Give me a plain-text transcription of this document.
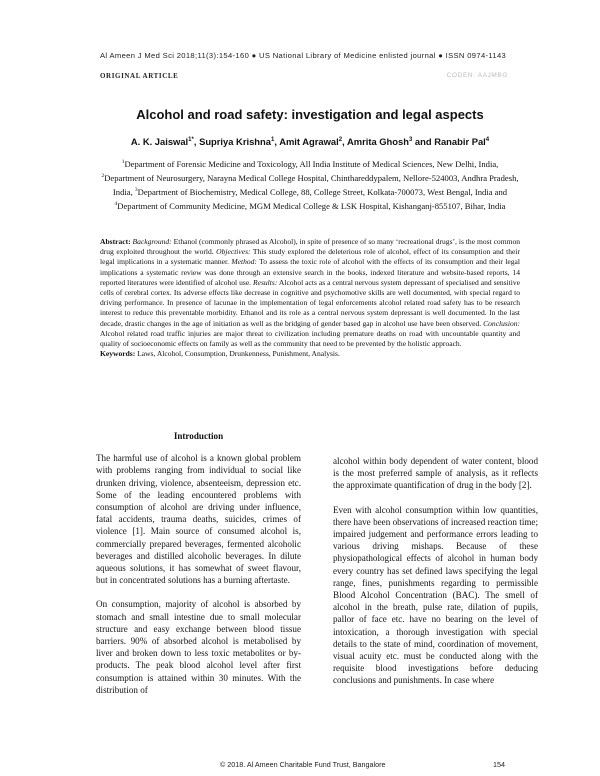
Al Ameen J Med Sci 2018;11(3):154-160 ● US National Library of Medicine enlisted journal ● ISSN 0974-1143
ORIGINAL ARTICLE	CODEN: AAJMBG
Alcohol and road safety: investigation and legal aspects
A. K. Jaiswal$^{1*}$, Supriya Krishna$^1$, Amit Agrawal$^2$, Amrita Ghosh$^3$ and Ranabir Pal$^4$
$^1$Department of Forensic Medicine and Toxicology, All India Institute of Medical Sciences, New Delhi, India, $^2$Department of Neurosurgery, Narayna Medical College Hospital, Chinthareddypalem, Nellore-524003, Andhra Pradesh, India, $^3$Department of Biochemistry, Medical College, 88, College Street, Kolkata-700073, West Bengal, India and $^4$Department of Community Medicine, MGM Medical College & LSK Hospital, Kishanganj-855107, Bihar, India
Abstract: Background: Ethanol (commonly phrased as Alcohol), in spite of presence of so many ‘recreational drugs’, is the most common drug exploited throughout the world. Objectives: This study explored the deleterious role of alcohol, effect of its consumption and their legal implications in a systematic manner. Method: To assess the toxic role of alcohol with the effects of its consumption and their legal implications a systematic review was done through an extensive search in the books, indexed literature and website-based reports, 14 reported literatures were identified of alcohol use. Results: Alcohol acts as a central nervous system depressant of specialised and sensitive cells of cerebral cortex. Its adverse effects like decrease in cognitive and psychomotive skills are well documented, with special regard to driving performance. In presence of lacunae in the implementation of legal enforcements alcohol related road safety has to be research interest to reduce this preventable morbidity. Ethanol and its role as a central nervous system depressant is well documented. In the last decade, drastic changes in the age of initiation as well as the bridging of gender based gap in alcohol use have been observed. Conclusion: Alcohol related road traffic injuries are major threat to civilization including premature deaths on road with uncountable quantity and quality of socioeconomic effects on family as well as the community that need to be prevented by the holistic approach.
Keywords: Laws, Alcohol, Consumption, Drunkenness, Punishment, Analysis.
Introduction

The harmful use of alcohol is a known global problem with problems ranging from individual to social like drunken driving, violence, absenteeism, depression etc. Some of the leading encountered problems with consumption of alcohol are driving under influence, fatal accidents, trauma deaths, suicides, crimes of violence [1]. Main source of consumed alcohol is, commercially prepared beverages, fermented alcoholic beverages and distilled alcoholic beverages. In dilute aqueous solutions, it has somewhat of sweet flavour, but in concentrated solutions has a burning aftertaste.

On consumption, majority of alcohol is absorbed by stomach and small intestine due to small molecular structure and easy exchange between blood tissue barriers. 90% of absorbed alcohol is metabolised by liver and broken down to less toxic metabolites or by-products. The peak blood alcohol level after first consumption is attained within 30 minutes. With the distribution of

alcohol within body dependent of water content, blood is the most preferred sample of analysis, as it reflects the approximate quantification of drug in the body [2].

Even with alcohol consumption within low quantities, there have been observations of increased reaction time; impaired judgement and performance errors leading to various driving mishaps. Because of these physiopathological effects of alcohol in human body every country has set defined laws specifying the legal range, fines, punishments regarding to permissible Blood Alcohol Concentration (BAC). The smell of alcohol in the breath, pulse rate, dilation of pupils, pallor of face etc. have no bearing on the level of intoxication, a thorough investigation with special details to the state of mind, coordination of movement, visual acuity etc. must be conducted along with the requisite blood investigations before deducing conclusions and punishments. In case where

© 2018. Al Ameen Charitable Fund Trust, Bangalore	154
